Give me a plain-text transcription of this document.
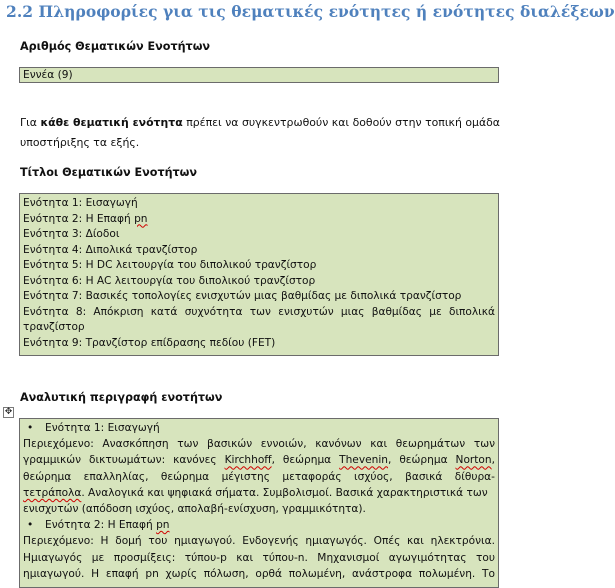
2.2 Πληροφορίες για τις θεματικές ενότητες ή ενότητες διαλέξεων
Αριθμός Θεματικών Ενοτήτων
Εννέα (9)
Για κάθε θεματική ενότητα πρέπει να συγκεντρωθούν και δοθούν στην τοπική ομάδα
υποστήριξης τα εξής.
Τίτλοι Θεματικών Ενοτήτων
Ενότητα 1: Εισαγωγή
Ενότητα 2: Η Επαφή pn
Ενότητα 3: Δίοδοι
Ενότητα 4: Διπολικά τρανζίστορ
Ενότητα 5: Η DC λειτουργία του διπολικού τρανζίστορ
Ενότητα 6: Η AC λειτουργία του διπολικού τρανζίστορ
Ενότητα 7: Βασικές τοπολογίες ενισχυτών μιας βαθμίδας με διπολικά τρανζίστορ
Ενότητα 8: Απόκριση κατά συχνότητα των ενισχυτών μιας βαθμίδας με διπολικά
τρανζίστορ
Ενότητα 9: Τρανζίστορ επίδρασης πεδίου (FET)
Αναλυτική περιγραφή ενοτήτων
✥
• Ενότητα 1: Εισαγωγή
Περιεχόμενο: Ανασκόπηση των βασικών εννοιών, κανόνων και θεωρημάτων των
γραμμικών δικτυωμάτων: κανόνες Kirchhoff, θεώρημα Thevenin, θεώρημα Norton,
θεώρημα επαλληλίας, θεώρημα μέγιστης μεταφοράς ισχύος, βασικά δίθυρα-
τετράπολα. Αναλογικά και ψηφιακά σήματα. Συμβολισμοί. Βασικά χαρακτηριστικά των
ενισχυτών (απόδοση ισχύος, απολαβή-ενίσχυση, γραμμικότητα).
• Ενότητα 2: Η Επαφή pn
Περιεχόμενο: Η δομή του ημιαγωγού. Ενδογενής ημιαγωγός. Οπές και ηλεκτρόνια.
Ημιαγωγός με προσμίξεις: τύπου-p και τύπου-n. Μηχανισμοί αγωγιμότητας του
ημιαγωγού. Η επαφή pn χωρίς πόλωση, ορθά πολωμένη, ανάστροφα πολωμένη. Το
